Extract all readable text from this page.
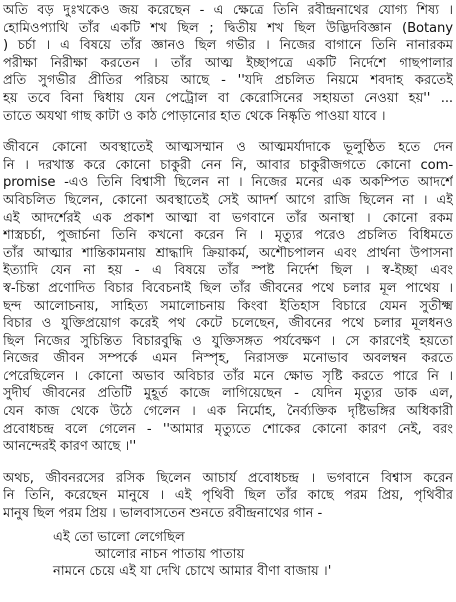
অতি বড় দুঃখকেও জয় করেছেন - এ ক্ষেত্রে তিনি রবীন্দ্রনাথের যোগ্য শিষ্য ।
হোমিওপ্যাথি তাঁর একটি শখ ছিল ; দ্বিতীয় শখ ছিল উদ্ভিদবিজ্ঞান (Botany
) চর্চা । এ বিষয়ে তাঁর জ্ঞানও ছিল গভীর । নিজের বাগানে তিনি নানারকম
পরীক্ষা নিরীক্ষা করতেন । তাঁর আত্ম ইচ্ছাপত্রে একটি নির্দেশে গাছপালার
প্রতি সুগভীর প্রীতির পরিচয় আছে - ''যদি প্রচলিত নিয়মে শবদাহ করতেই
হয় তবে বিনা দ্বিধায় যেন পেট্রোল বা কেরোসিনের সহায়তা নেওয়া হয়'' ...
তাতে অযথা গাছ কাটা ও কাঠ পোড়ানোর হাত থেকে নিষ্কৃতি পাওয়া যাবে ।
জীবনে কোনো অবস্থাতেই আত্মসম্মান ও আত্মমর্যাদাকে ভূলুণ্ঠিত হতে দেন
নি । দরখাস্ত করে কোনো চাকুরী নেন নি, আবার চাকুরীজগতে কোনো com-
promise -এও তিনি বিশ্বাসী ছিলেন না । নিজের মনের এক অকম্পিত আদর্শে
অবিচলিত ছিলেন, কোনো অবস্থাতেই সেই আদর্শ আগে রাজি ছিলেন না । এই
এই আদর্শেরই এক প্রকাশ আত্মা বা ভগবানে তাঁর অনাস্থা । কোনো রকম
শাস্ত্রচর্চা, পুজার্চনা তিনি কখনো করেন নি । মৃত্যুর পরেও প্রচলিত বিধিমতে
তাঁর আত্মার শান্তিকামনায় শ্রাদ্ধাদি ক্রিয়াকর্ম, অশৌচপালন এবং প্রার্থনা উপাসনা
ইত্যাদি যেন না হয় - এ বিষয়ে তাঁর স্পষ্ট নির্দেশ ছিল । স্ব-ইচ্ছা এবং
স্ব-চিন্তা প্রণোদিত বিচার বিবেচনাই ছিল তাঁর জীবনের পথে চলার মূল পাথেয় ।
ছন্দ আলোচনায়, সাহিত্য সমালোচনায় কিংবা ইতিহাস বিচারে যেমন সুতীক্ষ্ম
বিচার ও যুক্তিপ্রয়োগ করেই পথ কেটে চলেছেন, জীবনের পথে চলার মূলধনও
ছিল নিজের সুচিন্তিত বিচারবুদ্ধি ও যুক্তিসঙ্গত পর্যবেক্ষণ । সে কারণেই হয়তো
নিজের জীবন সম্পর্কে এমন নিস্পৃহ, নিরাসক্ত মনোভাব অবলম্বন করতে
পেরেছিলেন । কোনো অভাব অবিচার তাঁর মনে ক্ষোভ সৃষ্টি করতে পারে নি ।
সুদীর্ঘ জীবনের প্রতিটি মুহূর্ত কাজে লাগিয়েছেন - যেদিন মৃত্যুর ডাক এল,
যেন কাজ থেকে উঠে গেলেন । এক নির্মোহ, নৈর্ব্যক্তিক দৃষ্টিভঙ্গির অধিকারী
প্রবোধচন্দ্র বলে গেলেন - ''আমার মৃত্যুতে শোকের কোনো কারণ নেই, বরং
আনন্দেরই কারণ আছে ।''
অথচ, জীবনরসের রসিক ছিলেন আচার্য প্রবোধচন্দ্র । ভগবানে বিশ্বাস করেন
নি তিনি, করেছেন মানুষে । এই পৃথিবী ছিল তাঁর কাছে পরম প্রিয়, পৃথিবীর
মানুষ ছিল পরম প্রিয় । ভালবাসতেন শুনতে রবীন্দ্রনাথের গান -
এই তো ভালো লেগেছিল
আলোর নাচন পাতায় পাতায়
নামনে চেয়ে এই যা দেখি চোখে আমার বীণা বাজায় ।'
